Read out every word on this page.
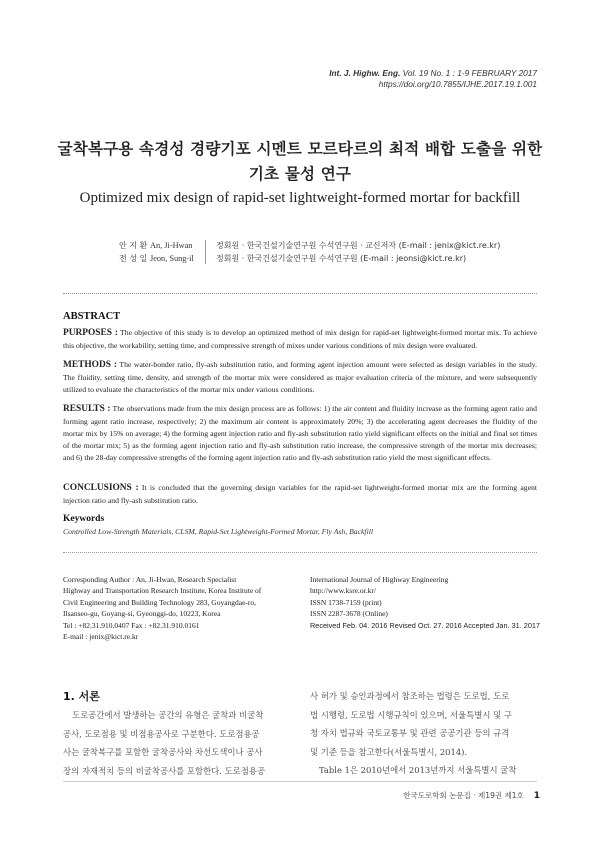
Int. J. Highw. Eng. Vol. 19 No. 1 : 1-9 FEBRUARY 2017
https://doi.org/10.7855/IJHE.2017.19.1.001
굴착복구용 속경성 경량기포 시멘트 모르타르의 최적 배합 도출을 위한
기초 물성 연구
Optimized mix design of rapid-set lightweight-formed mortar for backfill
안 지 환 An, Ji-Hwan
전 성 일 Jeon, Sung-il
정회원 · 한국건설기술연구원 수석연구원 · 교신저자 (E-mail : jenix@kict.re.kr)
정회원 · 한국건설기술연구원 수석연구원 (E-mail : jeonsi@kict.re.kr)
ABSTRACT
PURPOSES : The objective of this study is to develop an optimized method of mix design for rapid-set lightweight-formed mortar mix. To achieve this objective, the workability, setting time, and compressive strength of mixes under various conditions of mix design were evaluated.
METHODS : The water-bonder ratio, fly-ash substitution ratio, and forming agent injection amount were selected as design variables in the study. The fluidity, setting time, density, and strength of the mortar mix were considered as major evaluation criteria of the mixture, and were subsequently utilized to evaluate the characteristics of the mortar mix under various conditions.
RESULTS : The observations made from the mix design process are as follows: 1) the air content and fluidity increase as the forming agent ratio and forming agent ratio increase, respectively; 2) the maximum air content is approximately 20%; 3) the accelerating agent decreases the fluidity of the mortar mix by 15% on average; 4) the forming agent injection ratio and fly-ash substitution ratio yield significant effects on the initial and final set times of the mortar mix; 5) as the forming agent injection ratio and fly-ash substitution ratio increase, the compressive strength of the mortar mix decreases; and 6) the 28-day compressive strengths of the forming agent injection ratio and fly-ash substitution ratio yield the most significant effects.
CONCLUSIONS : It is concluded that the governing design variables for the rapid-set lightweight-formed mortar mix are the forming agent injection ratio and fly-ash substitution ratio.
Keywords
Controlled Low-Strength Materials, CLSM, Rapid-Set Lightweight-Formed Mortar, Fly Ash, Backfill
Corresponding Author : An, Ji-Hwan, Research Specialist
Highway and Transportation Research Institute, Korea Institute of
Civil Engineering and Building Technology 283, Goyangdae-ro,
Ilsanseo-gu, Goyang-si, Gyeonggi-do, 10223, Korea
Tel : +82.31.910.0407 Fax : +82.31.910.0161
E-mail : jenix@kict.re.kr
International Journal of Highway Engineering
http://www.ksre.or.kr/
ISSN 1738-7159 (print)
ISSN 2287-3678 (Online)
Received Feb. 04. 2016 Revised Oct. 27. 2016 Accepted Jan. 31. 2017
1. 서론
도로공간에서 발생하는 공간의 유형은 굴착과 비굴착
공사, 도로점용 및 비점용공사로 구분한다. 도로점용공
사는 굴착복구를 포함한 굴착공사와 차선도색이나 공사
장의 자재적치 등의 비굴착공사를 포함한다. 도로점용공
사 허가 및 승인과정에서 참조하는 법령은 도로법, 도로
법 시행령, 도로법 시행규칙이 있으며, 서울특별시 및 구
청 자치 법규와 국토교통부 및 관련 공공기관 등의 규격
및 기준 등을 참고한다(서울특별시, 2014).
Table 1은 2010년에서 2013년까지 서울특별시 굴착
한국도로학회 논문집 · 제19권 제1호 1
